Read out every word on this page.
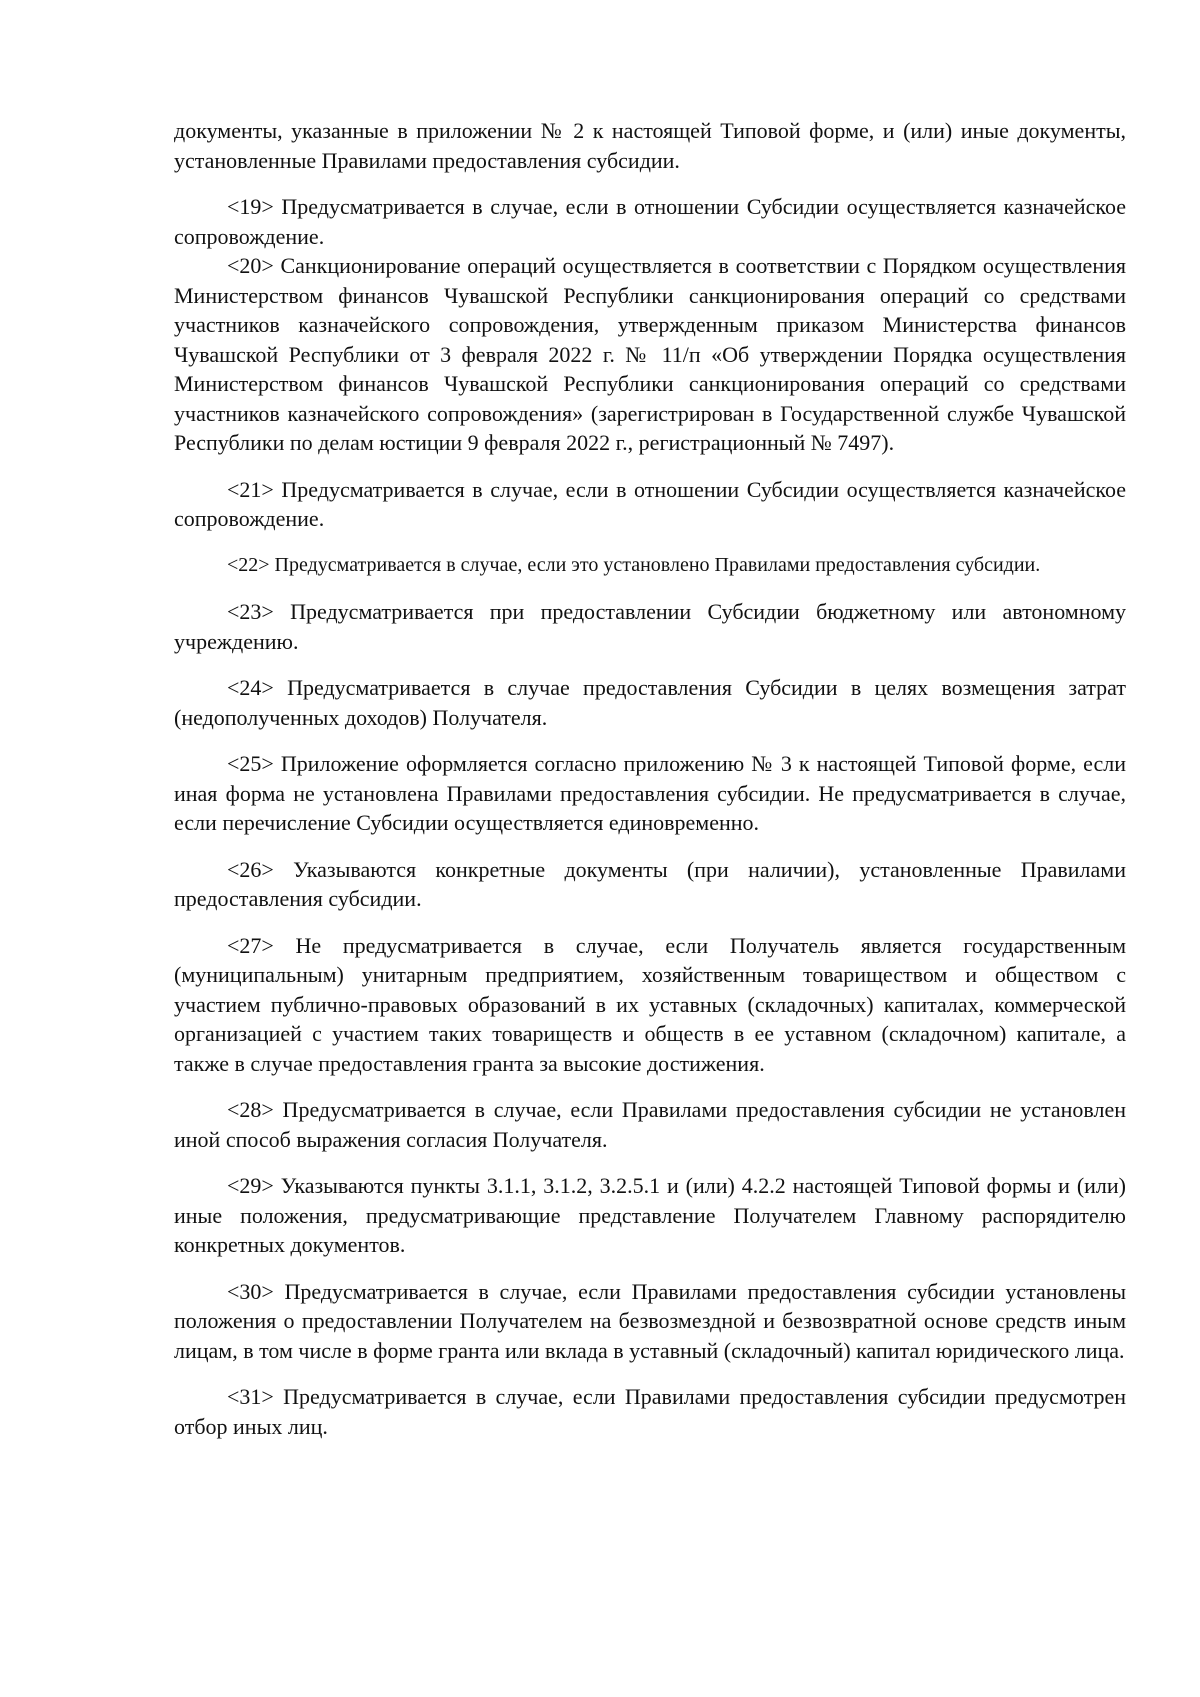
документы, указанные в приложении № 2 к настоящей Типовой форме, и (или) иные документы, установленные Правилами предоставления субсидии.

<19> Предусматривается в случае, если в отношении Субсидии осуществляется казначейское сопровождение.

<20> Санкционирование операций осуществляется в соответствии с Порядком осуществления Министерством финансов Чувашской Республики санкционирования операций со средствами участников казначейского сопровождения, утвержденным приказом Министерства финансов Чувашской Республики от 3 февраля 2022 г. № 11/п «Об утверждении Порядка осуществления Министерством финансов Чувашской Республики санкционирования операций со средствами участников казначейского сопровождения» (зарегистрирован в Государственной службе Чувашской Республики по делам юстиции 9 февраля 2022 г., регистрационный № 7497).

<21> Предусматривается в случае, если в отношении Субсидии осуществляется казначейское сопровождение.

<22> Предусматривается в случае, если это установлено Правилами предоставления субсидии.

<23> Предусматривается при предоставлении Субсидии бюджетному или автономному учреждению.

<24> Предусматривается в случае предоставления Субсидии в целях возмещения затрат (недополученных доходов) Получателя.

<25> Приложение оформляется согласно приложению № 3 к настоящей Типовой форме, если иная форма не установлена Правилами предоставления субсидии. Не предусматривается в случае, если перечисление Субсидии осуществляется единовременно.

<26> Указываются конкретные документы (при наличии), установленные Правилами предоставления субсидии.

<27> Не предусматривается в случае, если Получатель является государственным (муниципальным) унитарным предприятием, хозяйственным товариществом и обществом с участием публично-правовых образований в их уставных (складочных) капиталах, коммерческой организацией с участием таких товариществ и обществ в ее уставном (складочном) капитале, а также в случае предоставления гранта за высокие достижения.

<28> Предусматривается в случае, если Правилами предоставления субсидии не установлен иной способ выражения согласия Получателя.

<29> Указываются пункты 3.1.1, 3.1.2, 3.2.5.1 и (или) 4.2.2 настоящей Типовой формы и (или) иные положения, предусматривающие представление Получателем Главному распорядителю конкретных документов.

<30> Предусматривается в случае, если Правилами предоставления субсидии установлены положения о предоставлении Получателем на безвозмездной и безвозвратной основе средств иным лицам, в том числе в форме гранта или вклада в уставный (складочный) капитал юридического лица.

<31> Предусматривается в случае, если Правилами предоставления субсидии предусмотрен отбор иных лиц.
